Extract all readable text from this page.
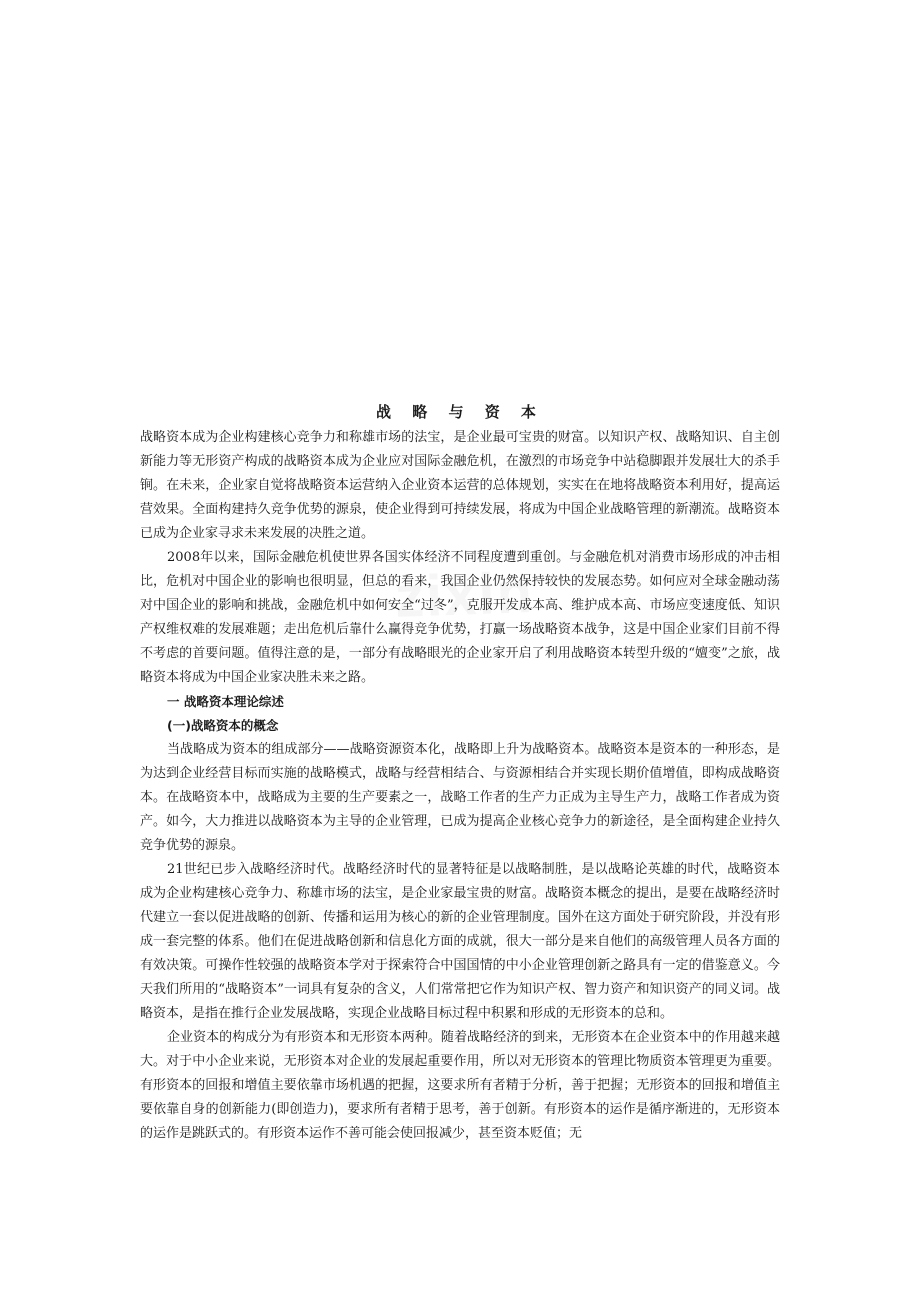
zixin
战 略 与 资 本

战略资本成为企业构建核心竞争力和称雄市场的法宝，是企业最可宝贵的财富。以知识产权、战略知识、自主创新能力等无形资产构成的战略资本成为企业应对国际金融危机，在激烈的市场竞争中站稳脚跟并发展壮大的杀手锏。在未来，企业家自觉将战略资本运营纳入企业资本运营的总体规划，实实在在地将战略资本利用好，提高运营效果。全面构建持久竞争优势的源泉，使企业得到可持续发展，将成为中国企业战略管理的新潮流。战略资本已成为企业家寻求未来发展的决胜之道。

2008年以来，国际金融危机使世界各国实体经济不同程度遭到重创。与金融危机对消费市场形成的冲击相比，危机对中国企业的影响也很明显，但总的看来，我国企业仍然保持较快的发展态势。如何应对全球金融动荡对中国企业的影响和挑战，金融危机中如何安全“过冬”，克服开发成本高、维护成本高、市场应变速度低、知识产权维权难的发展难题；走出危机后靠什么赢得竞争优势，打赢一场战略资本战争，这是中国企业家们目前不得不考虑的首要问题。值得注意的是，一部分有战略眼光的企业家开启了利用战略资本转型升级的“嬗变”之旅，战略资本将成为中国企业家决胜未来之路。

一 战略资本理论综述

(一)战略资本的概念

当战略成为资本的组成部分——战略资源资本化，战略即上升为战略资本。战略资本是资本的一种形态，是为达到企业经营目标而实施的战略模式，战略与经营相结合、与资源相结合并实现长期价值增值，即构成战略资本。在战略资本中，战略成为主要的生产要素之一，战略工作者的生产力正成为主导生产力，战略工作者成为资产。如今，大力推进以战略资本为主导的企业管理，已成为提高企业核心竞争力的新途径，是全面构建企业持久竞争优势的源泉。

21世纪已步入战略经济时代。战略经济时代的显著特征是以战略制胜，是以战略论英雄的时代，战略资本成为企业构建核心竞争力、称雄市场的法宝，是企业家最宝贵的财富。战略资本概念的提出，是要在战略经济时代建立一套以促进战略的创新、传播和运用为核心的新的企业管理制度。国外在这方面处于研究阶段，并没有形成一套完整的体系。他们在促进战略创新和信息化方面的成就，很大一部分是来自他们的高级管理人员各方面的有效决策。可操作性较强的战略资本学对于探索符合中国国情的中小企业管理创新之路具有一定的借鉴意义。今天我们所用的“战略资本”一词具有复杂的含义，人们常常把它作为知识产权、智力资产和知识资产的同义词。战略资本，是指在推行企业发展战略，实现企业战略目标过程中积累和形成的无形资本的总和。

企业资本的构成分为有形资本和无形资本两种。随着战略经济的到来，无形资本在企业资本中的作用越来越大。对于中小企业来说，无形资本对企业的发展起重要作用，所以对无形资本的管理比物质资本管理更为重要。有形资本的回报和增值主要依靠市场机遇的把握，这要求所有者精于分析，善于把握；无形资本的回报和增值主要依靠自身的创新能力(即创造力)，要求所有者精于思考，善于创新。有形资本的运作是循序渐进的，无形资本的运作是跳跃式的。有形资本运作不善可能会使回报减少，甚至资本贬值；无
